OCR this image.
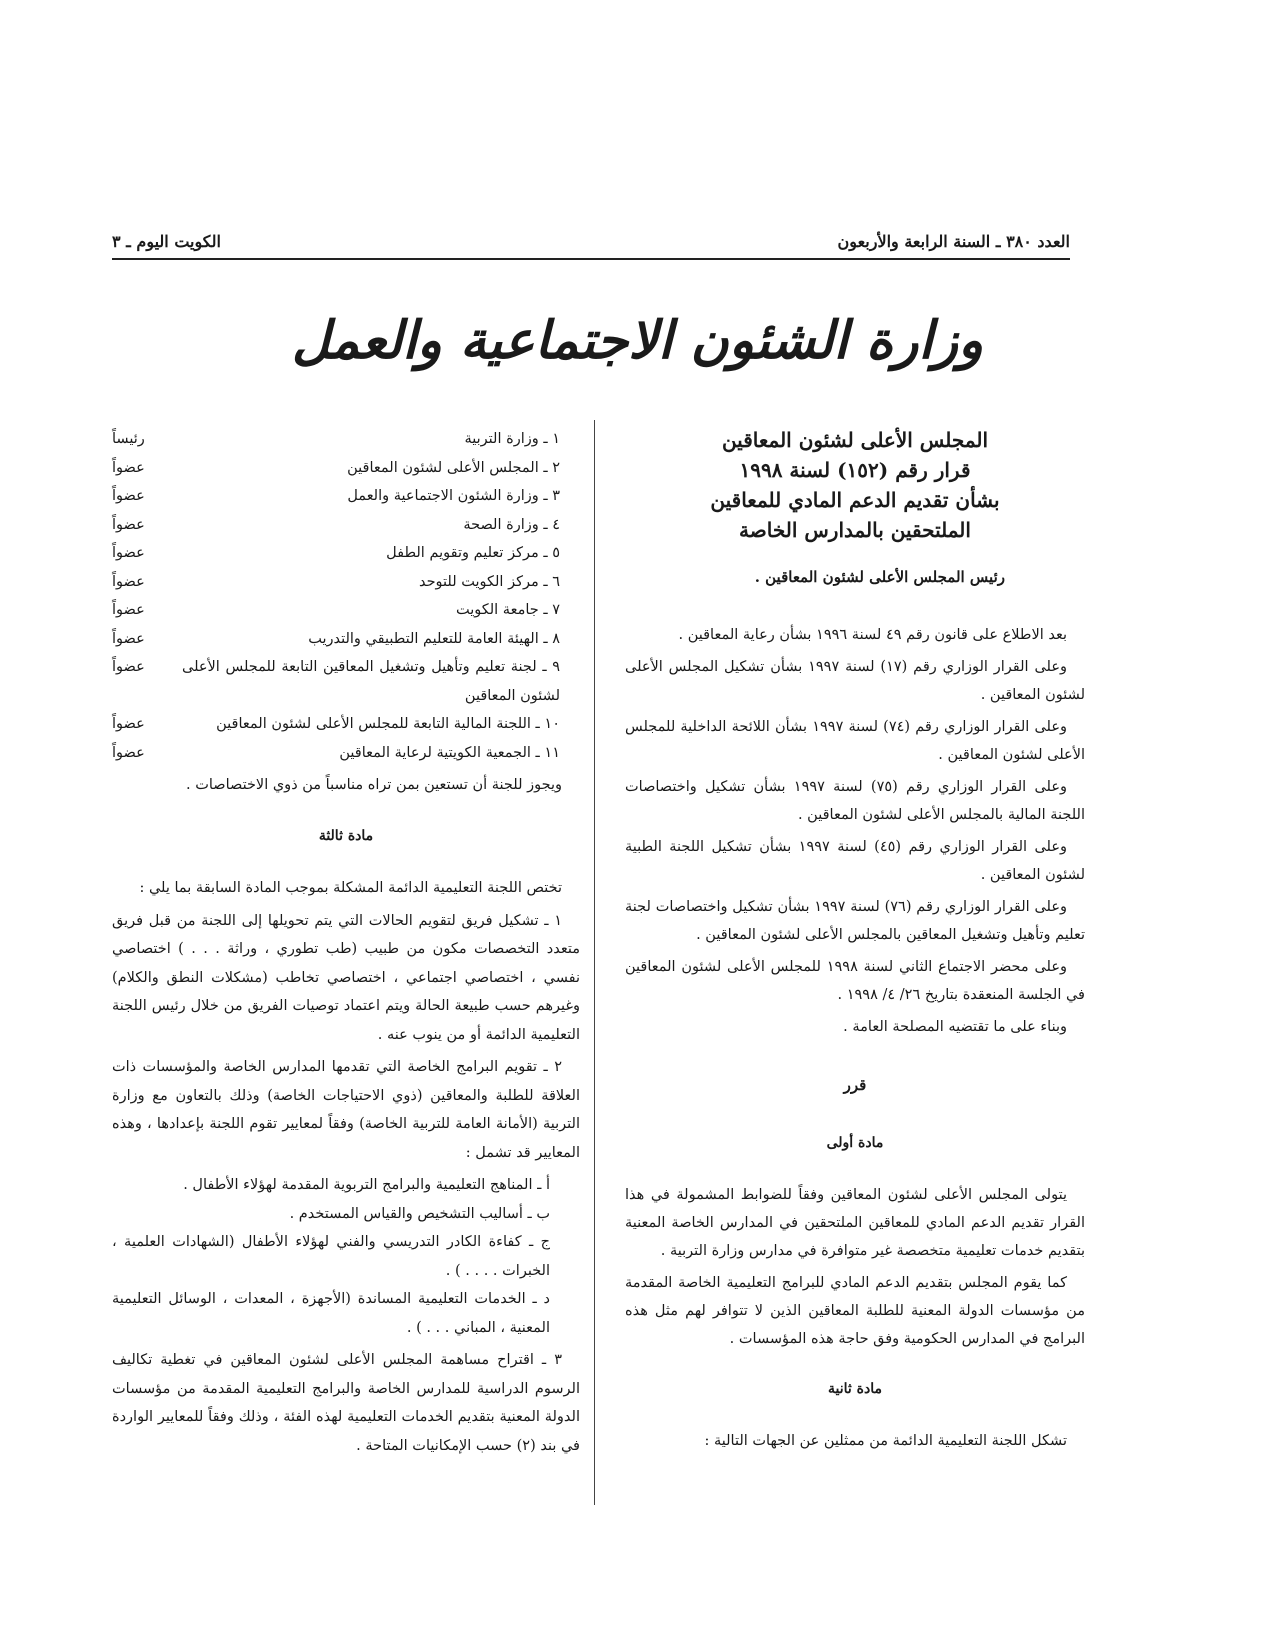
العدد ٣٨٠ ـ السنة الرابعة والأربعون
الكويت اليوم ـ ٣
وزارة الشئون الاجتماعية والعمل
المجلس الأعلى لشئون المعاقين
قرار رقم (١٥٢) لسنة ١٩٩٨
بشأن تقديم الدعم المادي للمعاقين
الملتحقين بالمدارس الخاصة
رئيس المجلس الأعلى لشئون المعاقين .

بعد الاطلاع على قانون رقم ٤٩ لسنة ١٩٩٦ بشأن رعاية المعاقين .

وعلى القرار الوزاري رقم (١٧) لسنة ١٩٩٧ بشأن تشكيل المجلس الأعلى لشئون المعاقين .

وعلى القرار الوزاري رقم (٧٤) لسنة ١٩٩٧ بشأن اللائحة الداخلية للمجلس الأعلى لشئون المعاقين .

وعلى القرار الوزاري رقم (٧٥) لسنة ١٩٩٧ بشأن تشكيل واختصاصات اللجنة المالية بالمجلس الأعلى لشئون المعاقين .

وعلى القرار الوزاري رقم (٤٥) لسنة ١٩٩٧ بشأن تشكيل اللجنة الطبية لشئون المعاقين .

وعلى القرار الوزاري رقم (٧٦) لسنة ١٩٩٧ بشأن تشكيل واختصاصات لجنة تعليم وتأهيل وتشغيل المعاقين بالمجلس الأعلى لشئون المعاقين .

وعلى محضر الاجتماع الثاني لسنة ١٩٩٨ للمجلس الأعلى لشئون المعاقين في الجلسة المنعقدة بتاريخ ٢٦/ ٤/ ١٩٩٨ .

وبناء على ما تقتضيه المصلحة العامة .

قرر
مادة أولى

يتولى المجلس الأعلى لشئون المعاقين وفقاً للضوابط المشمولة في هذا القرار تقديم الدعم المادي للمعاقين الملتحقين في المدارس الخاصة المعنية بتقديم خدمات تعليمية متخصصة غير متوافرة في مدارس وزارة التربية .

كما يقوم المجلس بتقديم الدعم المادي للبرامج التعليمية الخاصة المقدمة من مؤسسات الدولة المعنية للطلبة المعاقين الذين لا تتوافر لهم مثل هذه البرامج في المدارس الحكومية وفق حاجة هذه المؤسسات .

مادة ثانية

تشكل اللجنة التعليمية الدائمة من ممثلين عن الجهات التالية :

١ ـ وزارة التربية
رئيساً
٢ ـ المجلس الأعلى لشئون المعاقين
عضواً
٣ ـ وزارة الشئون الاجتماعية والعمل
عضواً
٤ ـ وزارة الصحة
عضواً
٥ ـ مركز تعليم وتقويم الطفل
عضواً
٦ ـ مركز الكويت للتوحد
عضواً
٧ ـ جامعة الكويت
عضواً
٨ ـ الهيئة العامة للتعليم التطبيقي والتدريب
عضواً
٩ ـ لجنة تعليم وتأهيل وتشغيل المعاقين التابعة للمجلس الأعلى لشئون المعاقين
عضواً
١٠ ـ اللجنة المالية التابعة للمجلس الأعلى لشئون المعاقين
عضواً
١١ ـ الجمعية الكويتية لرعاية المعاقين
عضواً

ويجوز للجنة أن تستعين بمن تراه مناسباً من ذوي الاختصاصات .

مادة ثالثة

تختص اللجنة التعليمية الدائمة المشكلة بموجب المادة السابقة بما يلي :

١ ـ تشكيل فريق لتقويم الحالات التي يتم تحويلها إلى اللجنة من قبل فريق متعدد التخصصات مكون من طبيب (طب تطوري ، وراثة . . . ) اختصاصي نفسي ، اختصاصي اجتماعي ، اختصاصي تخاطب (مشكلات النطق والكلام) وغيرهم حسب طبيعة الحالة ويتم اعتماد توصيات الفريق من خلال رئيس اللجنة التعليمية الدائمة أو من ينوب عنه .

٢ ـ تقويم البرامج الخاصة التي تقدمها المدارس الخاصة والمؤسسات ذات العلاقة للطلبة والمعاقين (ذوي الاحتياجات الخاصة) وذلك بالتعاون مع وزارة التربية (الأمانة العامة للتربية الخاصة) وفقاً لمعايير تقوم اللجنة بإعدادها ، وهذه المعايير قد تشمل :

أ ـ المناهج التعليمية والبرامج التربوية المقدمة لهؤلاء الأطفال .
ب ـ أساليب التشخيص والقياس المستخدم .
ج ـ كفاءة الكادر التدريسي والفني لهؤلاء الأطفال (الشهادات العلمية ، الخبرات . . . . ) .
د ـ الخدمات التعليمية المساندة (الأجهزة ، المعدات ، الوسائل التعليمية المعنية ، المباني . . . ) .

٣ ـ اقتراح مساهمة المجلس الأعلى لشئون المعاقين في تغطية تكاليف الرسوم الدراسية للمدارس الخاصة والبرامج التعليمية المقدمة من مؤسسات الدولة المعنية بتقديم الخدمات التعليمية لهذه الفئة ، وذلك وفقاً للمعايير الواردة في بند (٢) حسب الإمكانيات المتاحة .
